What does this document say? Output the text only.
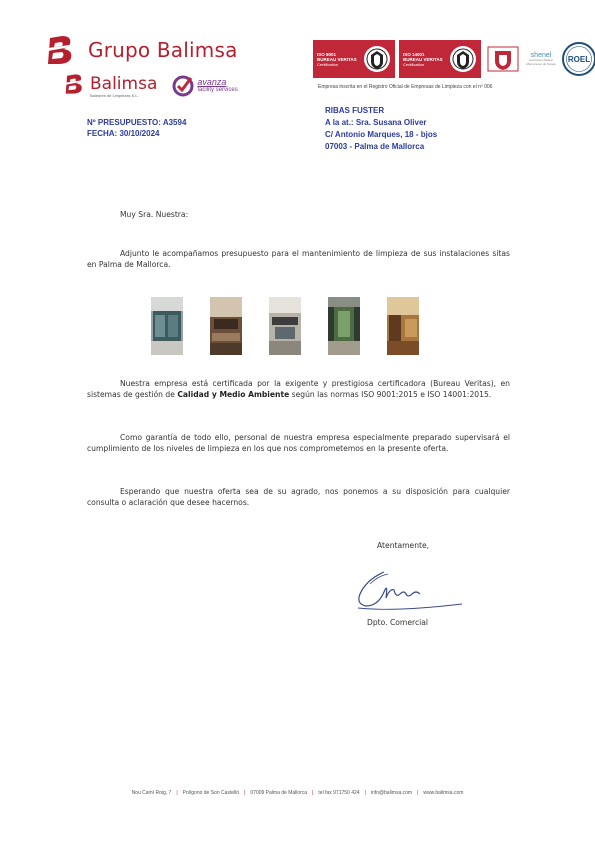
Grupo Balimsa
Balimsa
Baleares de Limpiezas S.L.
avanza
facility services
ISO 9001
BUREAU VERITAS
Certification
ISO 14001
BUREAU VERITAS
Certification
shenel
Asociación Balear d'Empreses de Neteja	ROEL
Empresa inscrita en el Registro Oficial de Empresas de Limpieza con el nº 006
Nº PRESUPUESTO: A3594
FECHA: 30/10/2024
RIBAS FUSTER
A la at.: Sra. Susana Oliver
C/ Antonio Marques, 18 - bjos
07003 - Palma de Mallorca
Muy Sra. Nuestra:
Adjunto le acompañamos presupuesto para el mantenimiento de limpieza de sus instalaciones sitas en Palma de Mallorca.
Nuestra empresa está certificada por la exigente y prestigiosa certificadora (Bureau Veritas), en sistemas de gestión de Calidad y Medio Ambiente según las normas ISO 9001:2015 e ISO 14001:2015.
Como garantía de todo ello, personal de nuestra empresa especialmente preparado supervisará el cumplimiento de los niveles de limpieza en los que nos comprometemos en la presente oferta.
Esperando que nuestra oferta sea de su agrado, nos ponemos a su disposición para cualquier consulta o aclaración que desee hacernos.
Atentamente,
Dpto. Comercial
Nou Camí Roig, 7 | Polígono de Son Castelló | 07009 Palma de Mallorca | tel fax 971750 424 | info@balimsa.com | www.balimsa.com
